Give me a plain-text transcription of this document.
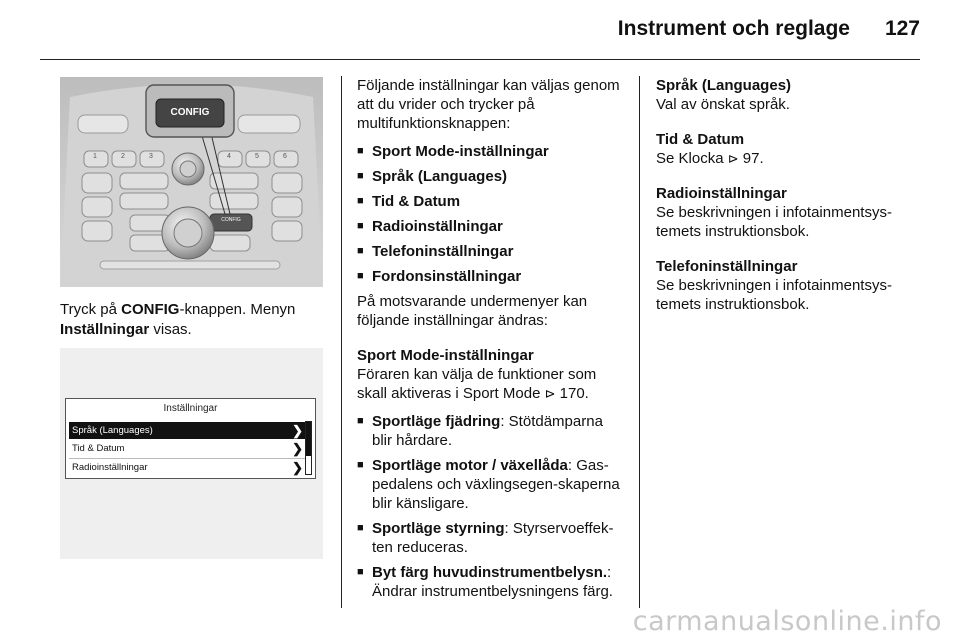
Instrument och reglage 127
1	2	3	4	5	6
CONFIG
CONFIG

Tryck på CONFIG-knappen. Menyn Inställningar visas.

Inställningar
Språk (Languages)	❯
Tid & Datum	❯
Radioinställningar	❯

Följande inställningar kan väljas genom att du vrider och trycker på multifunktionsknappen:

■ Sport Mode-inställningar
■ Språk (Languages)
■ Tid & Datum
■ Radioinställningar
■ Telefoninställningar
■ Fordonsinställningar

På motsvarande undermenyer kan följande inställningar ändras:

Sport Mode-inställningar

Föraren kan välja de funktioner som skall aktiveras i Sport Mode ⊳ 170.

■ Sportläge fjädring: Stötdämparna blir hårdare.
■ Sportläge motor / växellåda: Gas-pedalens och växlingsegen-skaperna blir känsligare.
■ Sportläge styrning: Styrservoeffek-ten reduceras.
■ Byt färg huvudinstrumentbelysn.: Ändrar instrumentbelysningens färg.

Språk (Languages)

Val av önskat språk.

Tid & Datum

Se Klocka ⊳ 97.

Radioinställningar

Se beskrivningen i infotainmentsys-temets instruktionsbok.

Telefoninställningar

Se beskrivningen i infotainmentsys-temets instruktionsbok.

carmanualsonline.info
